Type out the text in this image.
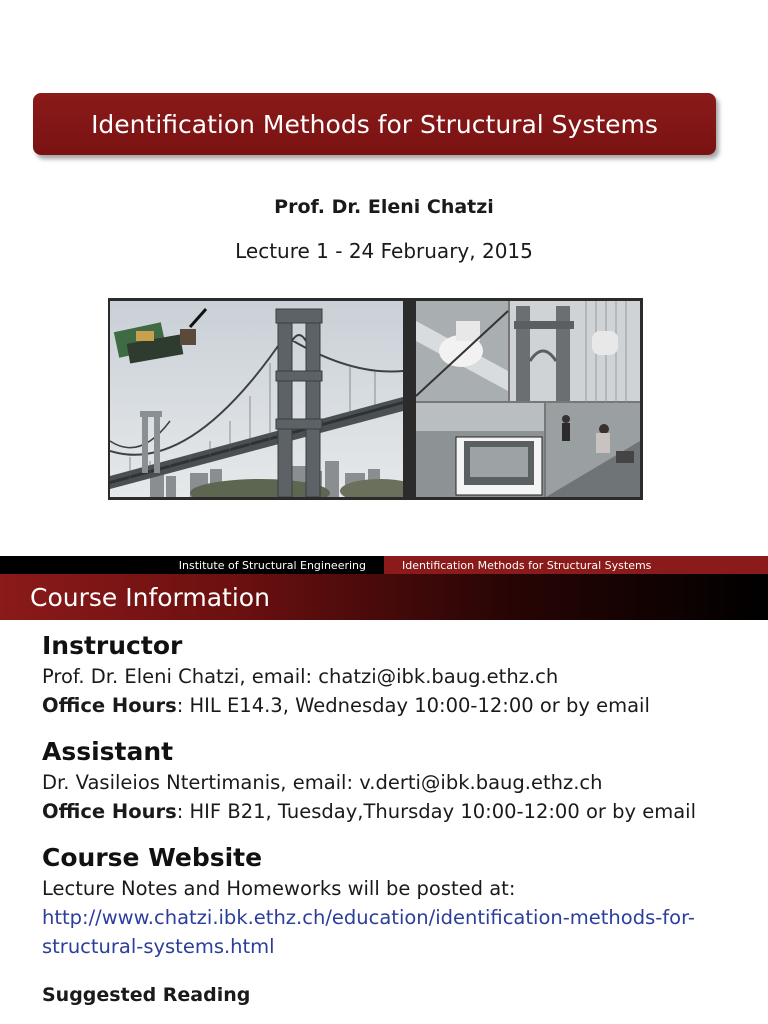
Identification Methods for Structural Systems
Prof. Dr. Eleni Chatzi
Lecture 1 - 24 February, 2015
Institute of Structural Engineering	Identification Methods for Structural Systems
Course Information
Instructor
Prof. Dr. Eleni Chatzi, email: chatzi@ibk.baug.ethz.ch
Office Hours: HIL E14.3, Wednesday 10:00-12:00 or by email
Assistant
Dr. Vasileios Ntertimanis, email: v.derti@ibk.baug.ethz.ch
Office Hours: HIF B21, Tuesday,Thursday 10:00-12:00 or by email
Course Website
Lecture Notes and Homeworks will be posted at:
http://www.chatzi.ibk.ethz.ch/education/identification-methods-for-
structural-systems.html
Suggested Reading
